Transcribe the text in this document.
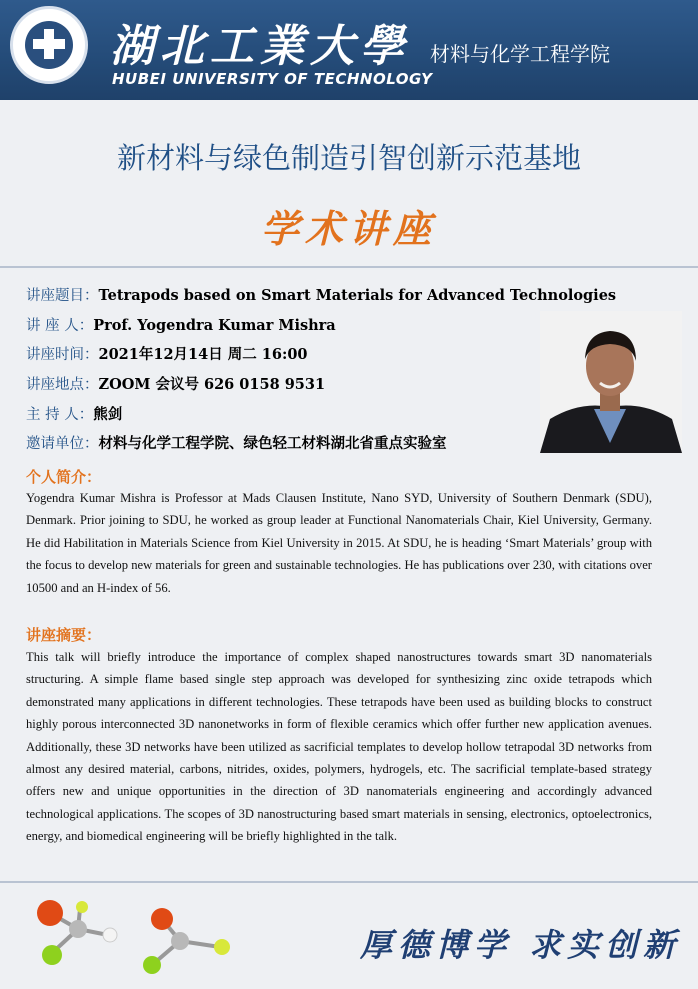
湖北工業大學
HUBEI UNIVERSITY OF TECHNOLOGY
材料与化学工程学院
新材料与绿色制造引智创新示范基地
学术讲座
讲座题目：Tetrapods based on Smart Materials for Advanced Technologies
讲 座 人：Prof. Yogendra Kumar Mishra
讲座时间：2021年12月14日 周二 16:00
讲座地点：ZOOM 会议号 626 0158 9531
主 持 人：熊剑
邀请单位：材料与化学工程学院、绿色轻工材料湖北省重点实验室
个人简介：
Yogendra Kumar Mishra is Professor at Mads Clausen Institute, Nano SYD, University of Southern Denmark (SDU), Denmark. Prior joining to SDU, he worked as group leader at Functional Nanomaterials Chair, Kiel University, Germany. He did Habilitation in Materials Science from Kiel University in 2015. At SDU, he is heading ‘Smart Materials’ group with the focus to develop new materials for green and sustainable technologies. He has publications over 230, with citations over 10500 and an H-index of 56.
讲座摘要：
This talk will briefly introduce the importance of complex shaped nanostructures towards smart 3D nanomaterials structuring. A simple flame based single step approach was developed for synthesizing zinc oxide tetrapods which demonstrated many applications in different technologies. These tetrapods have been used as building blocks to construct highly porous interconnected 3D nanonetworks in form of flexible ceramics which offer further new application avenues. Additionally, these 3D networks have been utilized as sacrificial templates to develop hollow tetrapodal 3D networks from almost any desired material, carbons, nitrides, oxides, polymers, hydrogels, etc. The sacrificial template-based strategy offers new and unique opportunities in the direction of 3D nanomaterials engineering and accordingly advanced technological applications. The scopes of 3D nanostructuring based smart materials in sensing, electronics, optoelectronics, energy, and biomedical engineering will be briefly highlighted in the talk.
厚德博学 求实创新
